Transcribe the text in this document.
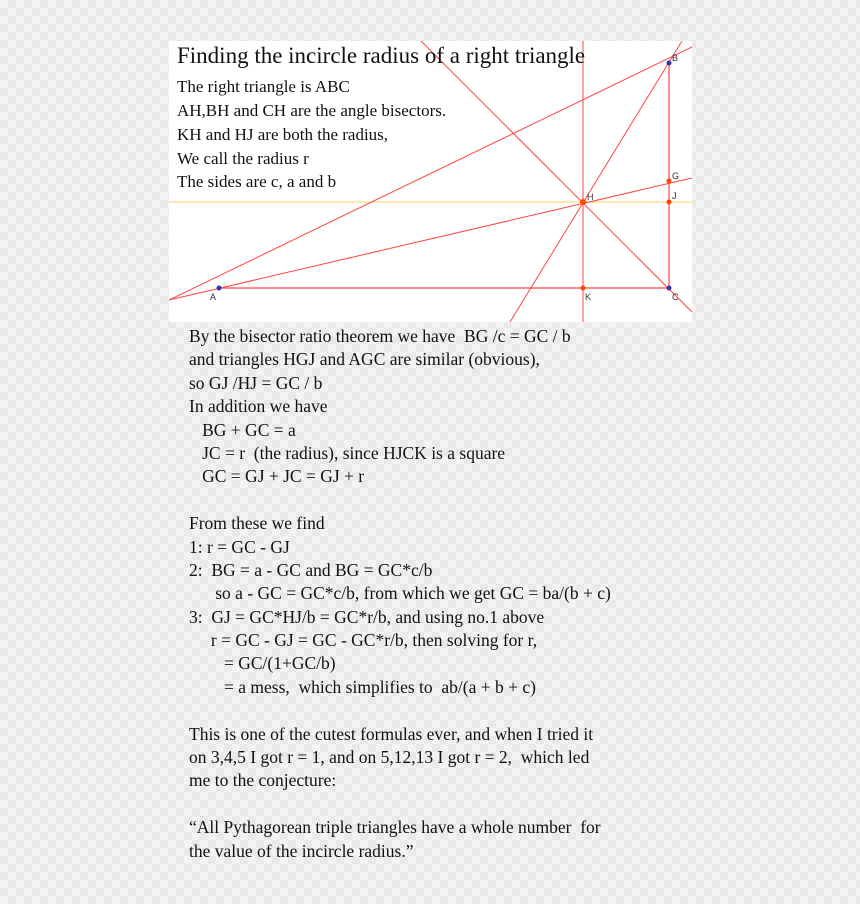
A
B
C
H
G
J
K
Finding the incircle radius of a right triangle
The right triangle is ABC
AH,BH and CH are the angle bisectors.
KH and HJ are both the radius,
We call the radius r
The sides are c, a and b
By the bisector ratio theorem we have  BG /c = GC / b
and triangles HGJ and AGC are similar (obvious),
so GJ /HJ = GC / b
In addition we have
BG + GC = a
JC = r  (the radius), since HJCK is a square
GC = GJ + JC = GJ + r
From these we find
1: r = GC - GJ
2:  BG = a - GC and BG = GC*c/b
so a - GC = GC*c/b, from which we get GC = ba/(b + c)
3:  GJ = GC*HJ/b = GC*r/b, and using no.1 above
r = GC - GJ = GC - GC*r/b, then solving for r,
= GC/(1+GC/b)
= a mess,  which simplifies to  ab/(a + b + c)
This is one of the cutest formulas ever, and when I tried it
on 3,4,5 I got r = 1, and on 5,12,13 I got r = 2,  which led
me to the conjecture:
“All Pythagorean triple triangles have a whole number  for
the value of the incircle radius.”
